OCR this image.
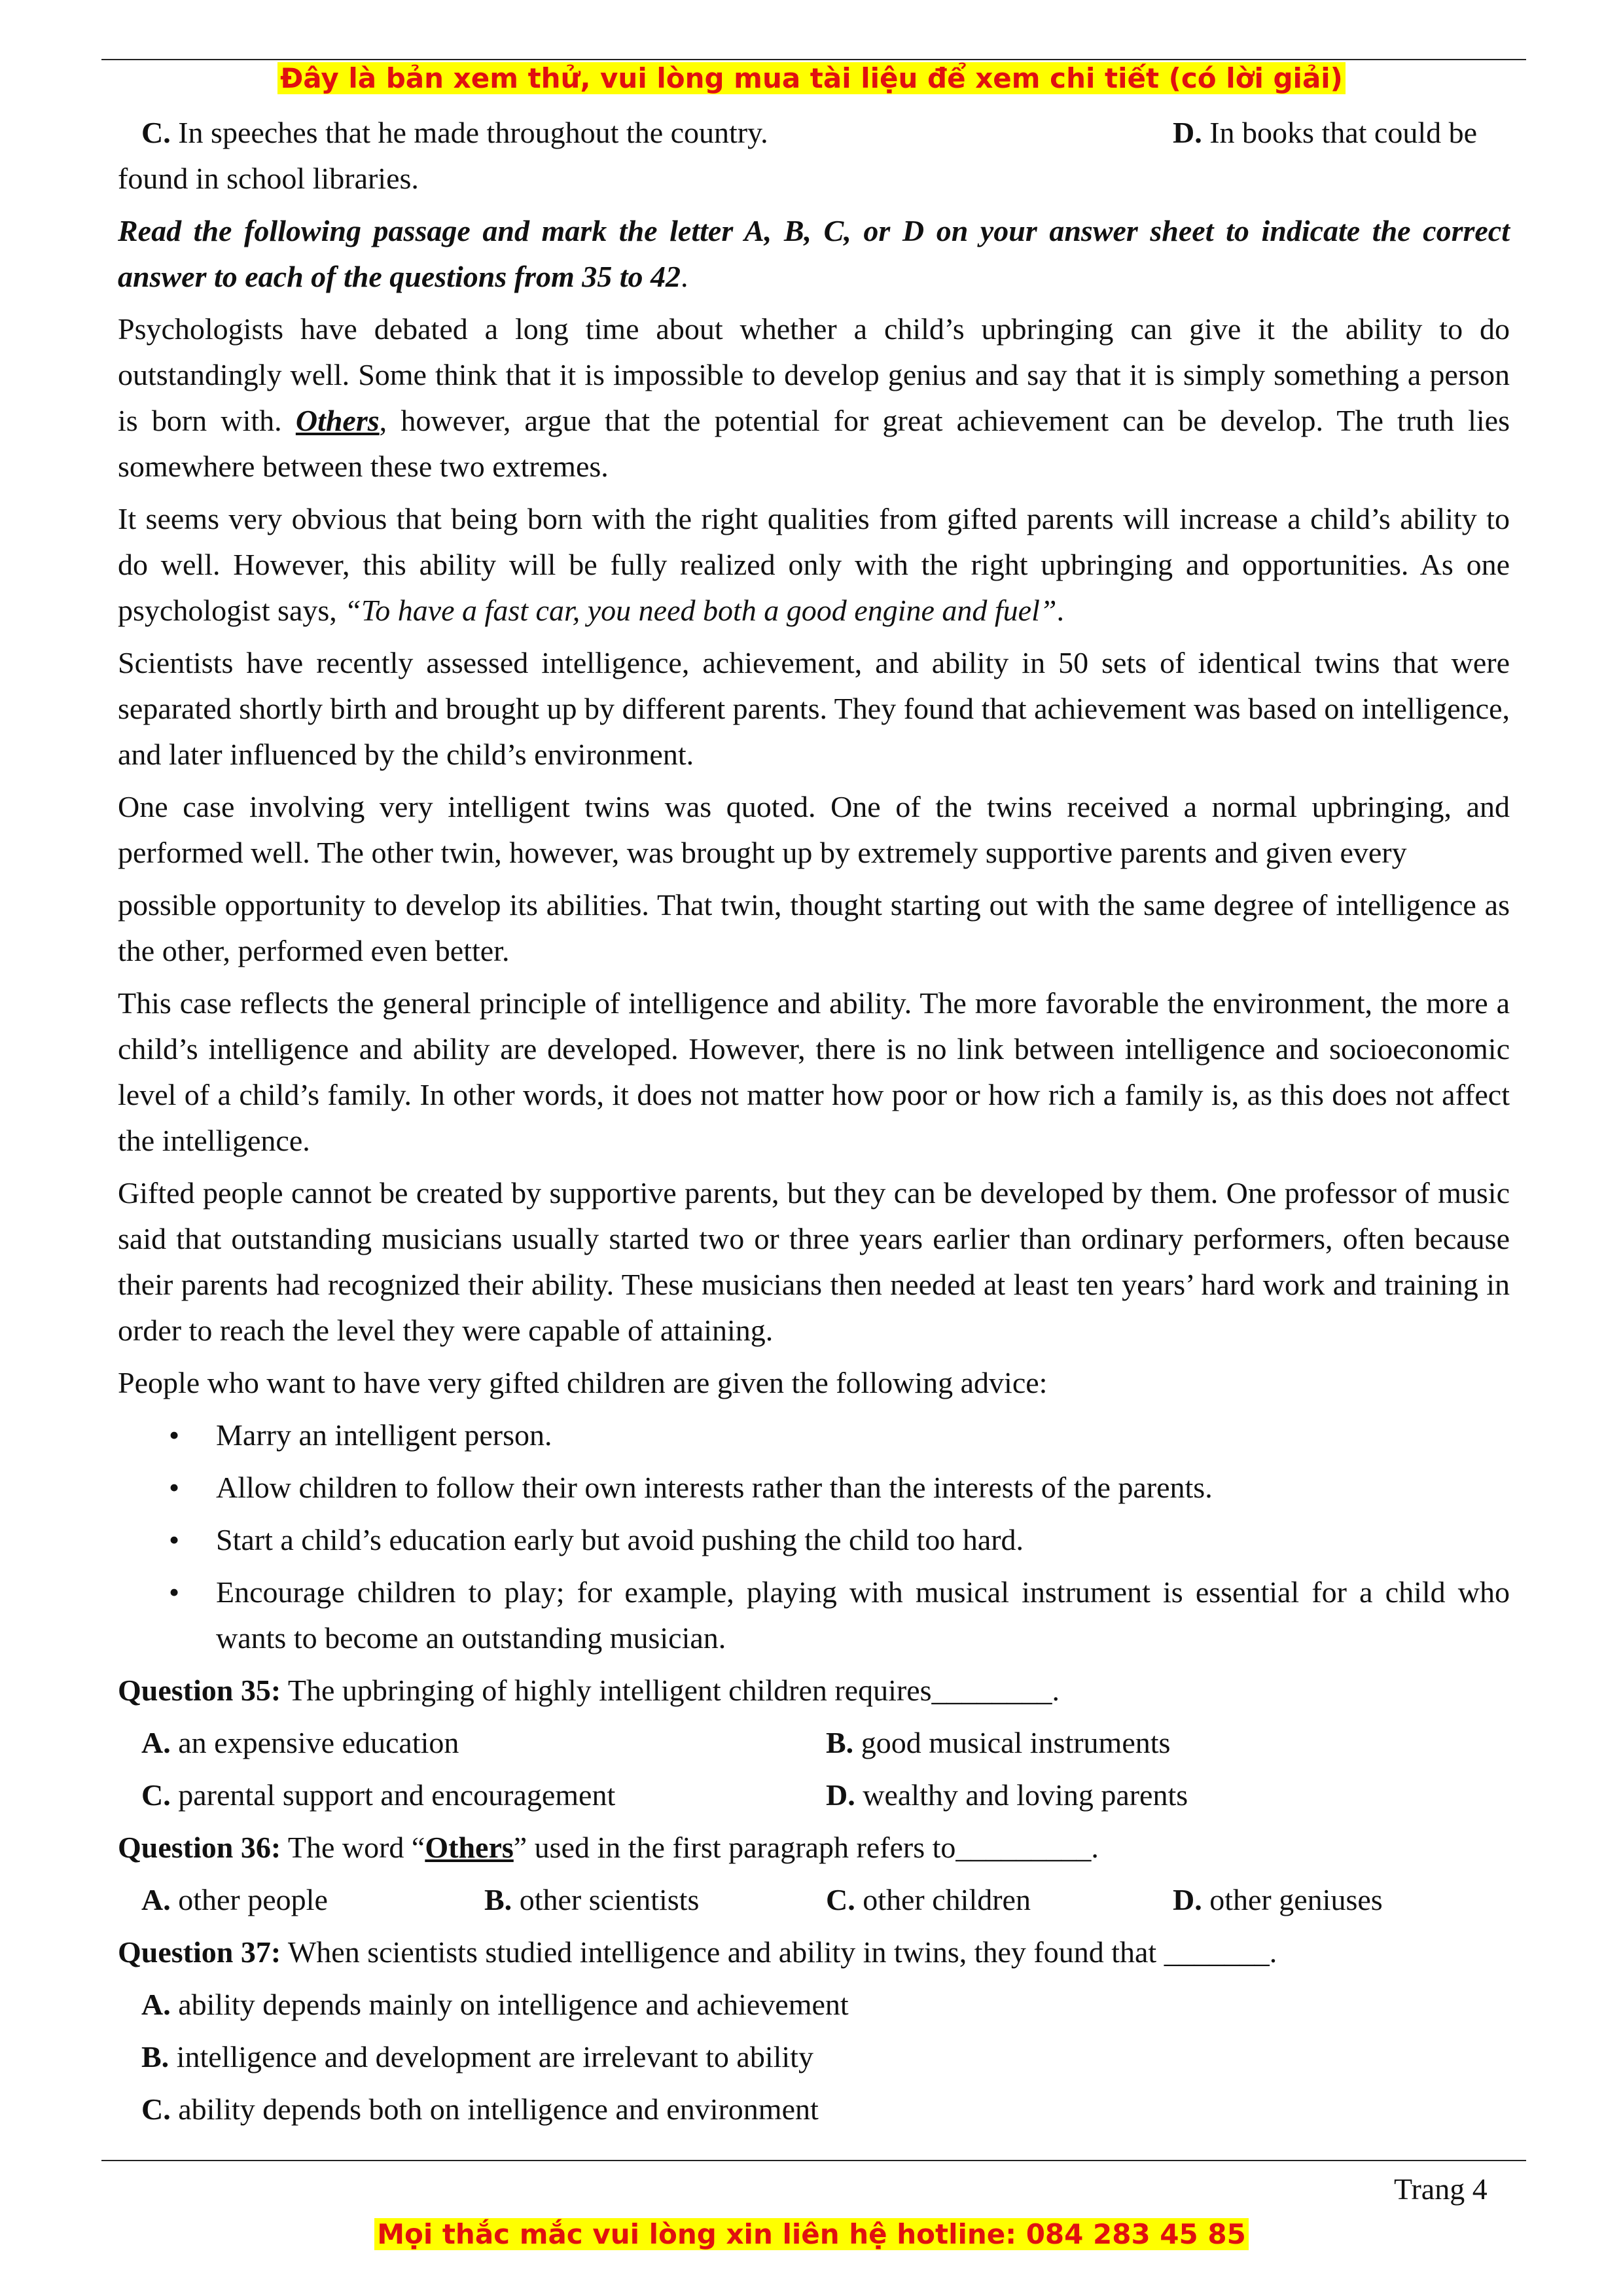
Đây là bản xem thử, vui lòng mua tài liệu để xem chi tiết (có lời giải)
C. In speeches that he made throughout the country.	D. In books that could be

found in school libraries.

Read the following passage and mark the letter A, B, C, or D on your answer sheet to indicate the correct answer to each of the questions from 35 to 42.

Psychologists have debated a long time about whether a child’s upbringing can give it the ability to do outstandingly well. Some think that it is impossible to develop genius and say that it is simply something a person is born with. Others, however, argue that the potential for great achievement can be develop. The truth lies somewhere between these two extremes.

It seems very obvious that being born with the right qualities from gifted parents will increase a child’s ability to do well. However, this ability will be fully realized only with the right upbringing and opportunities. As one psychologist says, “To have a fast car, you need both a good engine and fuel”.

Scientists have recently assessed intelligence, achievement, and ability in 50 sets of identical twins that were separated shortly birth and brought up by different parents. They found that achievement was based on intelligence, and later influenced by the child’s environment.

One case involving very intelligent twins was quoted. One of the twins received a normal upbringing, and performed well. The other twin, however, was brought up by extremely supportive parents and given every

possible opportunity to develop its abilities. That twin, thought starting out with the same degree of intelligence as the other, performed even better.

This case reflects the general principle of intelligence and ability. The more favorable the environment, the more a child’s intelligence and ability are developed. However, there is no link between intelligence and socioeconomic level of a child’s family. In other words, it does not matter how poor or how rich a family is, as this does not affect the intelligence.

Gifted people cannot be created by supportive parents, but they can be developed by them. One professor of music said that outstanding musicians usually started two or three years earlier than ordinary performers, often because their parents had recognized their ability. These musicians then needed at least ten years’ hard work and training in order to reach the level they were capable of attaining.

People who want to have very gifted children are given the following advice:

• Marry an intelligent person.
• Allow children to follow their own interests rather than the interests of the parents.
• Start a child’s education early but avoid pushing the child too hard.
• Encourage children to play; for example, playing with musical instrument is essential for a child who wants to become an outstanding musician.
Question 35: The upbringing of highly intelligent children requires________.
A. an expensive education	B. good musical instruments
C. parental support and encouragement	D. wealthy and loving parents
Question 36: The word “Others” used in the first paragraph refers to_________.
A. other people	B. other scientists	C. other children	D. other geniuses
Question 37: When scientists studied intelligence and ability in twins, they found that _______.
A. ability depends mainly on intelligence and achievement
B. intelligence and development are irrelevant to ability
C. ability depends both on intelligence and environment
Trang 4
Mọi thắc mắc vui lòng xin liên hệ hotline: 084 283 45 85
